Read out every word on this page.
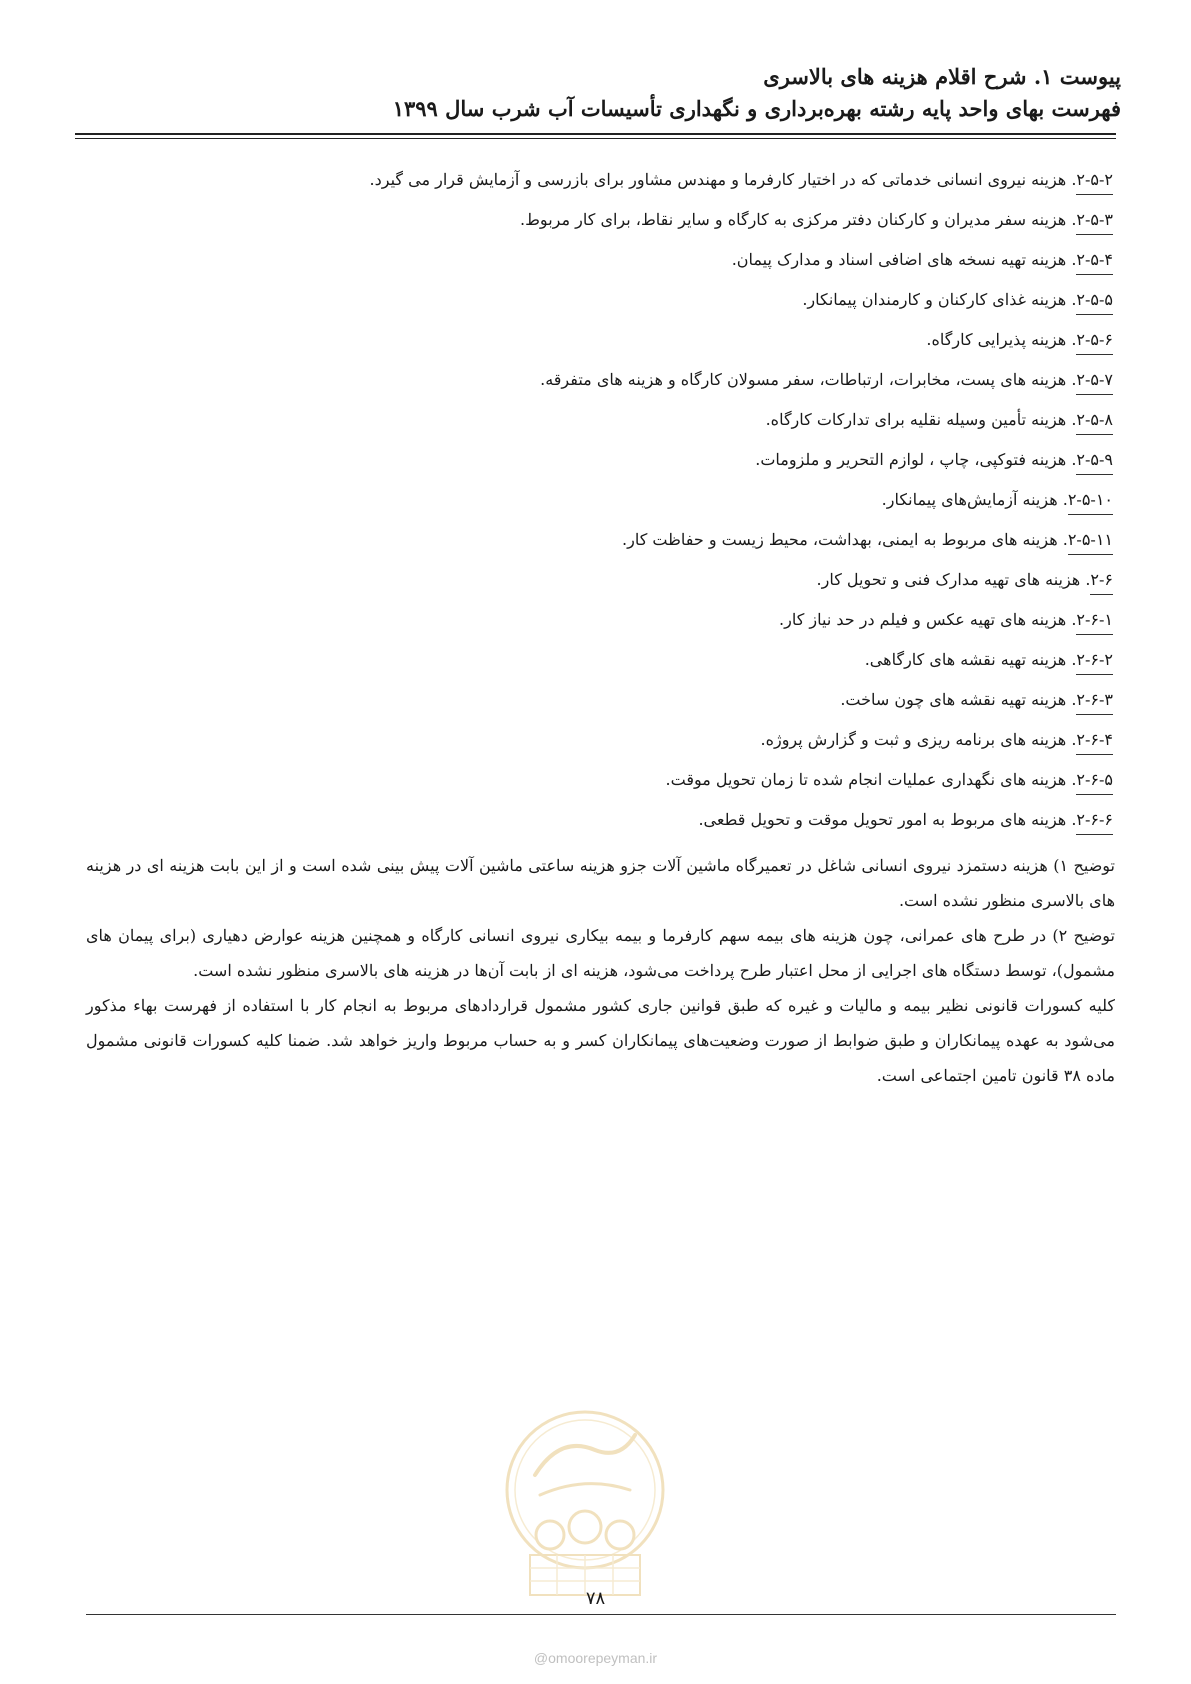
پیوست ۱. شرح اقلام هزینه های بالاسری
فهرست بهای واحد پایه رشته بهره‌برداری و نگهداری تأسیسات آب شرب سال ۱۳۹۹
۲-۵-۲. هزینه نیروی انسانی خدماتی که در اختیار کارفرما و مهندس مشاور برای بازرسی و آزمایش قرار می گیرد.
۲-۵-۳. هزینه سفر مدیران و کارکنان دفتر مرکزی به کارگاه و سایر نقاط، برای کار مربوط.
۲-۵-۴. هزینه تهیه نسخه های اضافی اسناد و مدارک پیمان.
۲-۵-۵. هزینه غذای کارکنان و کارمندان پیمانکار.
۲-۵-۶. هزینه پذیرایی کارگاه.
۲-۵-۷. هزینه های پست، مخابرات، ارتباطات، سفر مسولان کارگاه و هزینه های متفرقه.
۲-۵-۸. هزینه تأمین وسیله نقلیه برای تدارکات کارگاه.
۲-۵-۹. هزینه فتوکپی، چاپ ، لوازم التحریر و ملزومات.
۲-۵-۱۰. هزینه آزمایش‌های پیمانکار.
۲-۵-۱۱. هزینه های مربوط به ایمنی، بهداشت، محیط زیست و حفاظت کار.
۲-۶. هزینه های تهیه مدارک فنی و تحویل کار.
۲-۶-۱. هزینه های تهیه عکس و فیلم در حد نیاز کار.
۲-۶-۲. هزینه تهیه نقشه های کارگاهی.
۲-۶-۳. هزینه تهیه نقشه های چون ساخت.
۲-۶-۴. هزینه های برنامه ریزی و ثبت و گزارش پروژه.
۲-۶-۵. هزینه های نگهداری عملیات انجام شده تا زمان تحویل موقت.
۲-۶-۶. هزینه های مربوط به امور تحویل موقت و تحویل قطعی.

توضیح ۱) هزینه دستمزد نیروی انسانی شاغل در تعمیرگاه ماشین آلات جزو هزینه ساعتی ماشین آلات پیش بینی شده است و از این بابت هزینه ای در هزینه های بالاسری منظور نشده است.

توضیح ۲) در طرح های عمرانی، چون هزینه های بیمه سهم کارفرما و بیمه بیکاری نیروی انسانی کارگاه و همچنین هزینه عوارض دهیاری (برای پیمان های مشمول)، توسط دستگاه های اجرایی از محل اعتبار طرح پرداخت می‌شود، هزینه ای از بابت آن‌ها در هزینه های بالاسری منظور نشده است.

کلیه کسورات قانونی نظیر بیمه و مالیات و غیره که طبق قوانین جاری کشور مشمول قراردادهای مربوط به انجام کار با استفاده از فهرست بهاء مذکور می‌شود به عهده پیمانکاران و طبق ضوابط از صورت وضعیت‌های پیمانکاران کسر و به حساب مربوط واریز خواهد شد. ضمنا کلیه کسورات قانونی مشمول ماده ۳۸ قانون تامین اجتماعی است.

۷۸
@omoorepeyman.ir
